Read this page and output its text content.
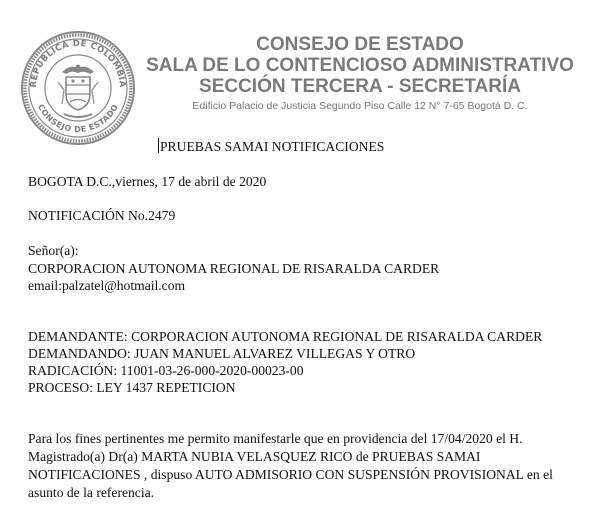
REPÚBLICA DE COLOMBIA
CONSEJO DE ESTADO
CONSEJO DE ESTADO
SALA DE LO CONTENCIOSO ADMINISTRATIVO
SECCIÓN TERCERA - SECRETARÍA
Edificio Palacio de Justicia Segundo Piso Calle 12 N° 7-65 Bogotá D. C.
PRUEBAS SAMAI NOTIFICACIONES
BOGOTA D.C.,viernes, 17 de abril de 2020
NOTIFICACIÓN No.2479
Señor(a):
CORPORACION AUTONOMA REGIONAL DE RISARALDA CARDER
email:palzatel@hotmail.com
DEMANDANTE: CORPORACION AUTONOMA REGIONAL DE RISARALDA CARDER
DEMANDANDO: JUAN MANUEL ALVAREZ VILLEGAS Y OTRO
RADICACIÓN: 11001-03-26-000-2020-00023-00
PROCESO: LEY 1437 REPETICION
Para los fines pertinentes me permito manifestarle que en providencia del 17/04/2020 el H. Magistrado(a) Dr(a) MARTA NUBIA VELASQUEZ RICO de PRUEBAS SAMAI NOTIFICACIONES , dispuso AUTO ADMISORIO CON SUSPENSIÓN PROVISIONAL en el asunto de la referencia.
